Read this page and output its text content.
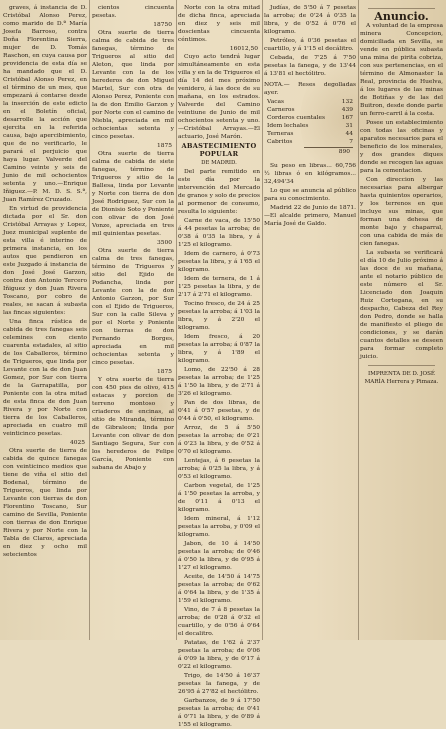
graves, á instancia de D. Cristóbal Alonso Perez, como marido de D.ª María Josefa Barroso, contra Doña Florentina Sierra, mujer de D. Tomás Raschon, en cuya causa por providencia de esta día se ha mandado que el D. Cristóbal Alonso Perez, en el término de un mes, que empezará á contarse desde la inserción de este edicto en el Boletín oficial, desarrolle la acción que ejercita en la referida causa, bajo apercibimiento, que de no verificarlo, le parará el perjuicio que haya lugar. Valverde del Camino veinte y seis de Junio de mil ochocientos setenta y uno.—Enrique Iñiguez.—P. M. D. S. S.ª, Juan Ramírez Cruzado.

En virtud de providencia dictada por el Sr. don Cristóbal Arrayas y Lopez, Juez municipal suplente de esta villa é interino de primera instancia, en los autos que pendieron en este Juzgado á instancia de don José José Garzon, contra don Antonio Tercero Iñiguez y don Juan Rivera Toscano, por cobro de reales, se sacan á subasta las fincas siguientes:

Una finca rústica de cabida de tres fanegas seis celemines con ciento cuarenta estadales, al sitio de los Caballeros, término de Trigueros, que linda por Levante con la de don Juan Gomez, por Sur con tierra de la Garrapatilla, por Poniente con la otra mitad de esta finca de don Juan Rivera y por Norte con tierra de los Caballeros, apreciada en cuatro mil veinticinco pesetas.

4025

Otra suerte de tierra de cabida de quince fanegas con veinticinco medios que tiene de viña el sitio del Bodenal, término de Trigueros, que linda por Levante con tierras de don Florentino Toscano, Sur camino de Sevilla, Poniente con tierras de don Enrique Rivera y por Norte con la Tabla de Claros, apreciada en diez y ocho mil setecientos

cientos cincuenta pesetas.

18750

Otra suerte de tierra calma de cabida de tres fanegas, término de Trigueros al sitio del Aleton, que linda por Levante con la de los herederos de don Miguel Martel, Sur con otra de Alonso Perez, Poniente con la de don Emilio Garzon y por Norte con el camino de Niebla, apreciada en mil ochocientas setenta y cinco pesetas.

1875

Otra suerte de tierra calma de cabida de siete fanegas, término de Trigueros y sitio de la Ballesa, linda por Levante y Norte con tierra de don José Rodriguez, Sur con la de Dionisio Soto y Poniente con olivar de don José Vonze, apreciada en tres mil quinientas pesetas.

3500

Otra suerte de tierra calma de tres fanegas, término de Trigueros y sitio del Ejido de Podancha, linda por Levante con la de don Antonio Garzon, por Sur con el Ejido de Trigueros, Sur con la calle Sileva y por el Norte y Poniente con tierras de don Fernando Borges, apreciada en mil ochocientas setenta y cinco pesetas.

1875

Y otra suerte de tierra con 450 pies de olivo, 415 estacas y porcion de terreno montoso y criaderos de encinas, al sitio de Miranda, término de Gibraleon; linda por Levante con olivar de don Santiago Segura, Sur con los herederos de Felipe García, Poniente con sabana de Abajo y

Norte con la otra mitad de dicha finca, apreciada en diez y seis mil doscientas cincuenta céntimos.

16012,50

Cuyo acto tendrá lugar simultáneamente en esta villa y en la de Trigueros el día 14 del mes próximo venidero, á las doce de su mañana, en los estrados. Valverde del Camino veintiune de Junio de mil ochocientos setenta y uno.—Cristóbal Arrayas.—El actuario, José Marón.

ABASTECIMIENTO POPULAR

DE MADRID.

Del parte remitido en este día por la intervención del Mercado de granos y solo de precios al pormenor de consumo, resulta lo siguiente:

Carne de vaca, de 15'50 á 44 pesetas la arroba; de 0'38 á 0'35 la libra, y á 1'25 el kilogramo.

Idem de carnero, á 0'73 pesetas la libra, y á 1'65 el kilogramo.

Idem de ternera, de 1 á 1'25 pesetas la libra, y de 2'17 á 2'71 el kilogramo.

Tocino fresco, de 24 á 25 pesetas la arroba; á 1'03 la libra, y á 2'20 el kilogramo.

Idem fresco, á 20 pesetas la arroba; á 0'87 la libra, y á 1'89 el kilogramo.

Lomo, de 22'50 á 28 pesetas la arroba; de 1'25 á 1'50 la libra, y de 2'71 á 3'26 el kilogramo.

Pan de dos libras, de 0'41 á 0'57 pesetas, y de 0'44 á 0'50, el kilogramo.

Arroz, de 5 á 5'50 pesetas la arroba; de 0'21 á 0'23 la libra, y de 0'52 á 0'70 el kilogramo.

Lentejas, á 6 pesetas la arroba; á 0'25 la libra, y á 0'53 el kilogramo.

Carbon vegetal, de 1'25 á 1'50 pesetas la arroba, y de 0'11 á 0'13 el kilogramo.

Idem mineral, á 1'12 pesetas la arroba, y 0'09 el kilogramo.

Jabon, de 10 á 14'50 pesetas la arroba; de 0'46 á 0'50 la libra, y de 0'95 á 1'27 el kilogramo.

Aceite, de 14'50 á 14'75 pesetas la arroba; de 0'62 á 0'64 la libra, y de 1'35 á 1'59 el kilogramo.

Vino, de 7 á 8 pesetas la arroba; de 0'28 á 0'32 el cuartillo, y de 0'56 á 0'64 el decalitro.

Patatas, de 1'62 á 2'37 pesetas la arroba; de 0'06 á 0'09 la libra, y de 0'17 á 0'22 el kilogramo.

Trigo, de 14'50 á 16'37 pesetas la fanega, y de 26'95 á 27'82 el hectólitro.

Garbanzos, de 9 á 17'50 pesetas la arroba; de 0'41 á 0'71 la libra, y de 0'89 á 1'55 el kilogramo.

Judías, de 5'50 á 7 pesetas la arroba; de 0'24 á 0'35 la libra, y de 0'52 á 0'76 el kilogramo.

Petróleo, á 0'36 pesetas el cuartillo, y á 1'15 el decálitro.

Cebada, de 7'25 á 7'50 pesetas la fanega, y de 13'44 á 13'81 el hectólitro.

NOTA.— Reses degolladas ayer.

Vacas	132
Carneros	439
Corderos cuentales	167
Idem lechales	31
Terneras	44
Cabritos	7
890

Su peso en libras... 60,756 ½ libras ó en kilógramos... 32,494'34

Lo que se anuncia al público para su conocimiento.

Madrid 22 de Junio de 1871.—El alcalde primero, Manuel María José de Galdo.

Anuncio.

A voluntad de la empresa minera Concepcion, domiciliada en Sevilla, se vende en pública subasta una mina de pirita cobriza, con sus pertenencias, en el término de Almonaster la Real, provincia de Huelva, á los lugares de las minas de Botiñas y de las del Buitron, desde donde parte un ferro-carril á la costa.

Posee un establecimiento con todas las oficinas y aparatos necesarios para el beneficio de los minerales, y dos grandes diques donde se recogen las aguas para la cementacion.

Con direccion y las necesarias para albergar hasta quinientos operarios, y los terrenos en que incluye sus minas, que forman una dehesa de monte bajo y chaparral, con una cabida de más de cien fanegas.

La subasta se verificará el día 10 de Julio próximo á las doce de su mañana, ante el notario público de este número el Sr. Licenciado don Joaquin Ruiz Cortegana, en su despacho, Cabeza del Rey don Pedro, donde se halla de manifiesto el pliego de condiciones, y se darán cuantos detalles se deseen para formar completo juicio.

IMPRENTA DE D. JOSÉ MARÍA Herrera y Pimaza.
